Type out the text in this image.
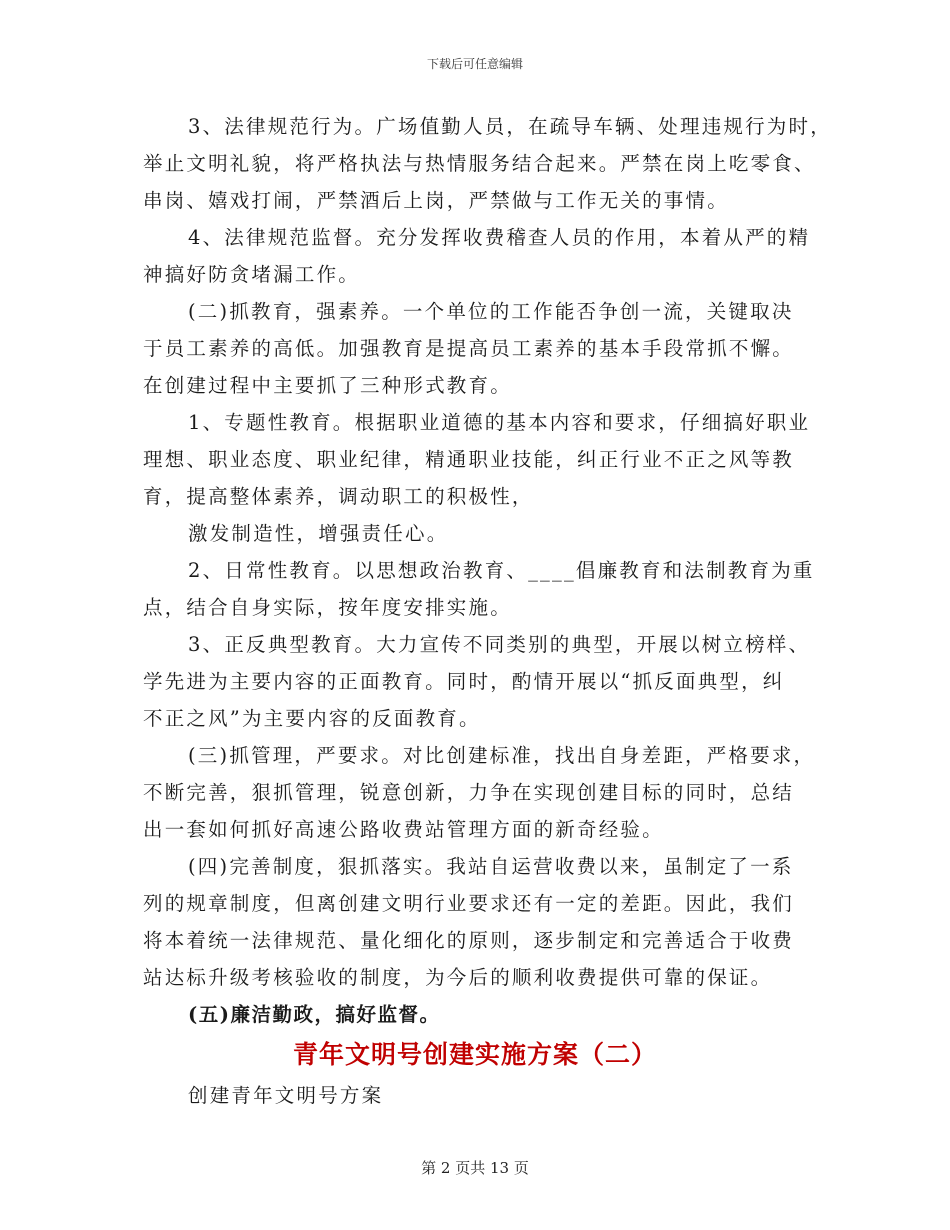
下载后可任意编辑
3、法律规范行为。广场值勤人员，在疏导车辆、处理违规行为时，
举止文明礼貌，将严格执法与热情服务结合起来。严禁在岗上吃零食、
串岗、嬉戏打闹，严禁酒后上岗，严禁做与工作无关的事情。
4、法律规范监督。充分发挥收费稽查人员的作用，本着从严的精
神搞好防贪堵漏工作。
(二)抓教育，强素养。一个单位的工作能否争创一流，关键取决
于员工素养的高低。加强教育是提高员工素养的基本手段常抓不懈。
在创建过程中主要抓了三种形式教育。
1、专题性教育。根据职业道德的基本内容和要求，仔细搞好职业
理想、职业态度、职业纪律，精通职业技能，纠正行业不正之风等教
育，提高整体素养，调动职工的积极性，
激发制造性，增强责任心。
2、日常性教育。以思想政治教育、____倡廉教育和法制教育为重
点，结合自身实际，按年度安排实施。
3、正反典型教育。大力宣传不同类别的典型，开展以树立榜样、
学先进为主要内容的正面教育。同时，酌情开展以“抓反面典型，纠
不正之风”为主要内容的反面教育。
(三)抓管理，严要求。对比创建标准，找出自身差距，严格要求，
不断完善，狠抓管理，锐意创新，力争在实现创建目标的同时，总结
出一套如何抓好高速公路收费站管理方面的新奇经验。
(四)完善制度，狠抓落实。我站自运营收费以来，虽制定了一系
列的规章制度，但离创建文明行业要求还有一定的差距。因此，我们
将本着统一法律规范、量化细化的原则，逐步制定和完善适合于收费
站达标升级考核验收的制度，为今后的顺利收费提供可靠的保证。
(五)廉洁勤政，搞好监督。
青年文明号创建实施方案（二）
创建青年文明号方案
第 2 页共 13 页
